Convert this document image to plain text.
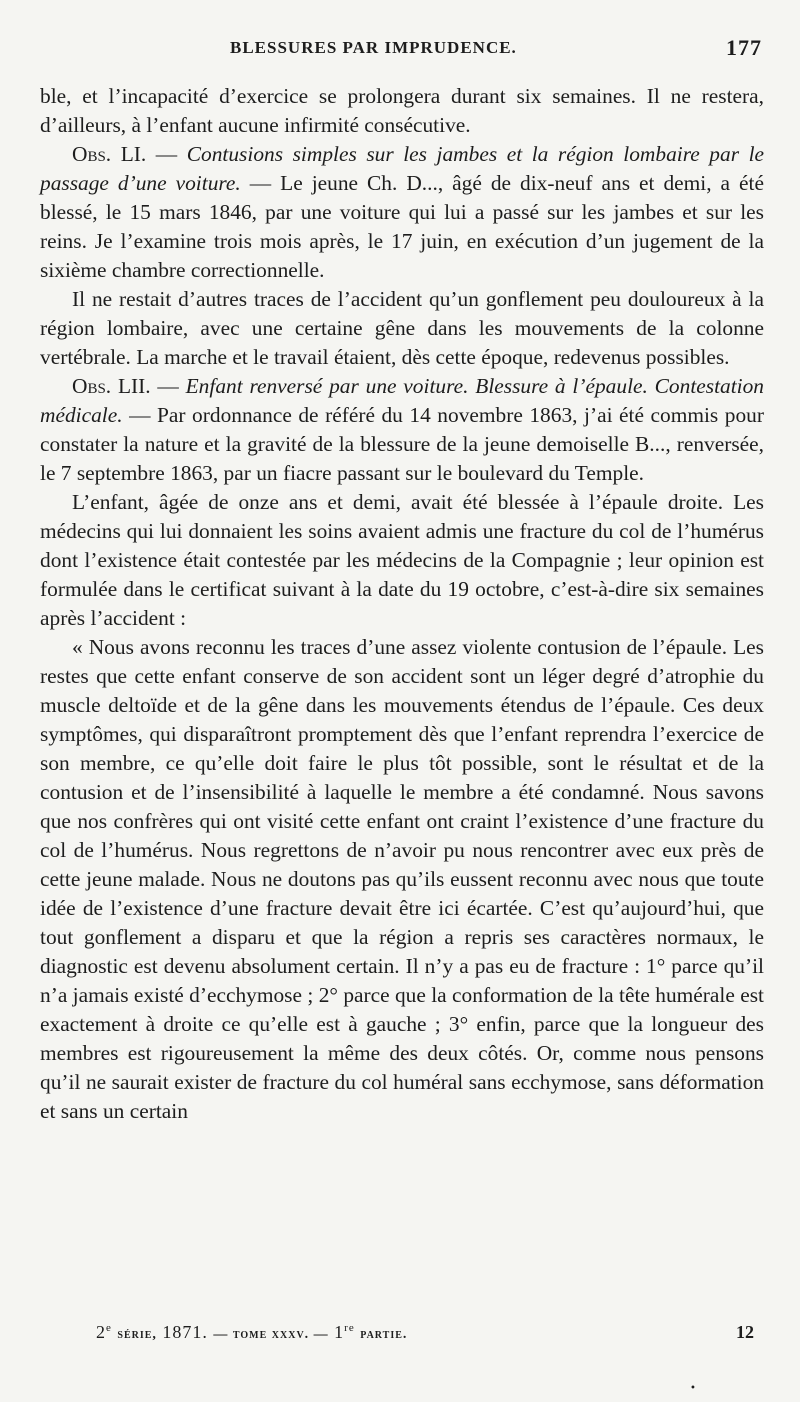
BLESSURES PAR IMPRUDENCE.	177

ble, et l’incapacité d’exercice se prolongera durant six semaines. Il ne restera, d’ailleurs, à l’enfant aucune infirmité consécutive.

Obs. LI. — Contusions simples sur les jambes et la région lombaire par le passage d’une voiture. — Le jeune Ch. D..., âgé de dix-neuf ans et demi, a été blessé, le 15 mars 1846, par une voiture qui lui a passé sur les jambes et sur les reins. Je l’examine trois mois après, le 17 juin, en exécution d’un jugement de la sixième chambre correctionnelle.

Il ne restait d’autres traces de l’accident qu’un gonflement peu douloureux à la région lombaire, avec une certaine gêne dans les mouvements de la colonne vertébrale. La marche et le travail étaient, dès cette époque, redevenus possibles.

Obs. LII. — Enfant renversé par une voiture. Blessure à l’épaule. Contestation médicale. — Par ordonnance de référé du 14 novembre 1863, j’ai été commis pour constater la nature et la gravité de la blessure de la jeune demoiselle B..., renversée, le 7 septembre 1863, par un fiacre passant sur le boulevard du Temple.

L’enfant, âgée de onze ans et demi, avait été blessée à l’épaule droite. Les médecins qui lui donnaient les soins avaient admis une fracture du col de l’humérus dont l’existence était contestée par les médecins de la Compagnie ; leur opinion est formulée dans le certificat suivant à la date du 19 octobre, c’est-à-dire six semaines après l’accident :

« Nous avons reconnu les traces d’une assez violente contusion de l’épaule. Les restes que cette enfant conserve de son accident sont un léger degré d’atrophie du muscle deltoïde et de la gêne dans les mouvements étendus de l’épaule. Ces deux symptômes, qui disparaîtront promptement dès que l’enfant reprendra l’exercice de son membre, ce qu’elle doit faire le plus tôt possible, sont le résultat et de la contusion et de l’insensibilité à laquelle le membre a été condamné. Nous savons que nos confrères qui ont visité cette enfant ont craint l’existence d’une fracture du col de l’humérus. Nous regrettons de n’avoir pu nous rencontrer avec eux près de cette jeune malade. Nous ne doutons pas qu’ils eussent reconnu avec nous que toute idée de l’existence d’une fracture devait être ici écartée. C’est qu’aujourd’hui, que tout gonflement a disparu et que la région a repris ses caractères normaux, le diagnostic est devenu absolument certain. Il n’y a pas eu de fracture : 1° parce qu’il n’a jamais existé d’ecchymose ; 2° parce que la conformation de la tête humérale est exactement à droite ce qu’elle est à gauche ; 3° enfin, parce que la longueur des membres est rigoureusement la même des deux côtés. Or, comme nous pensons qu’il ne saurait exister de fracture du col huméral sans ecchymose, sans déformation et sans un certain

2e série, 1871. — tome xxxv. — 1re partie.	12
•
